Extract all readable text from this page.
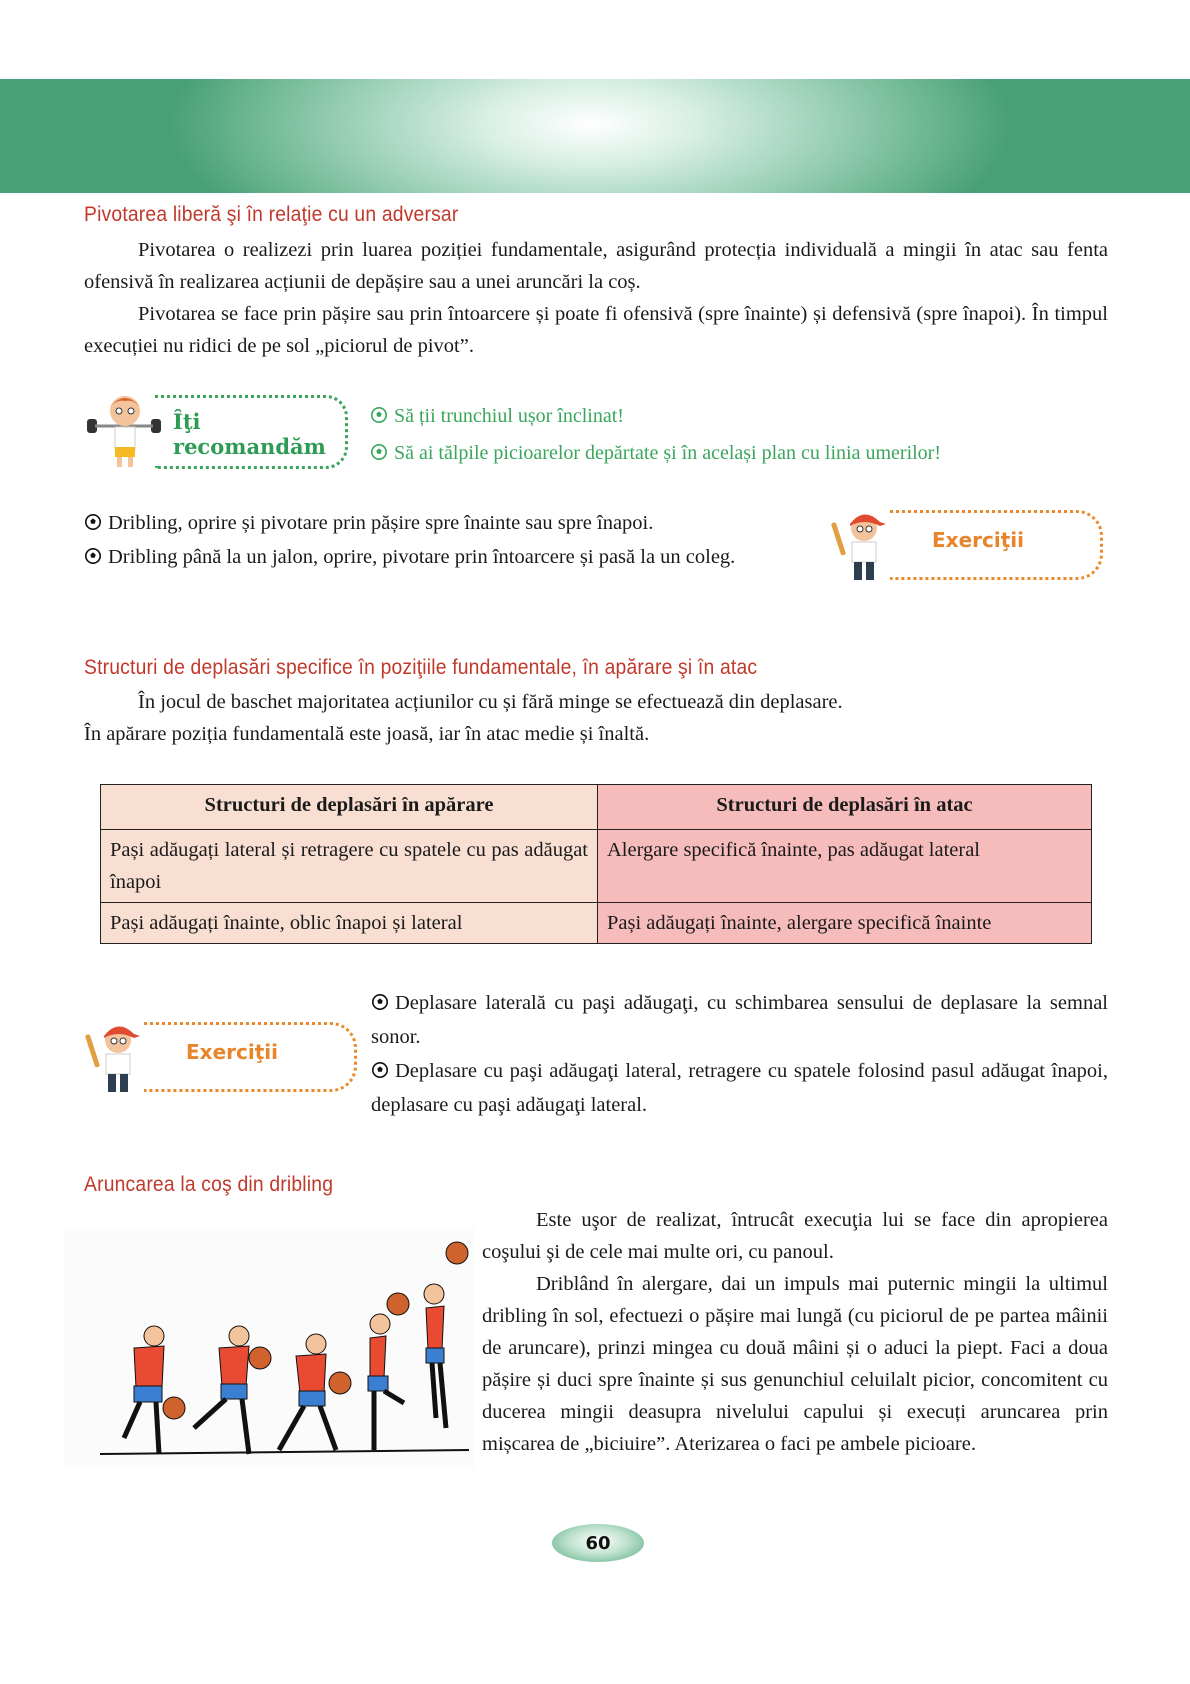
Pivotarea liberă şi în relaţie cu un adversar
Pivotarea o realizezi prin luarea poziției fundamentale, asigurând protecția individuală a mingii în atac sau fenta ofensivă în realizarea acțiunii de depășire sau a unei aruncări la coș.
Pivotarea se face prin pășire sau prin întoarcere și poate fi ofensivă (spre înainte) și defensivă (spre înapoi). În timpul execuției nu ridici de pe sol „piciorul de pivot”.
Îţi recomandăm
Să ții trunchiul ușor înclinat!
Să ai tălpile picioarelor depărtate și în același plan cu linia umerilor!
Dribling, oprire și pivotare prin pășire spre înainte sau spre înapoi.
Dribling până la un jalon, oprire, pivotare prin întoarcere și pasă la un coleg.
Exerciţii
Structuri de deplasări specifice în poziţiile fundamentale, în apărare şi în atac
În jocul de baschet majoritatea acțiunilor cu și fără minge se efectuează din deplasare.
În apărare poziția fundamentală este joasă, iar în atac medie și înaltă.
Structuri de deplasări în apărare	Structuri de deplasări în atac
Pași adăugați lateral și retragere cu spatele cu pas adăugat înapoi	Alergare specifică înainte, pas adăugat lateral
Pași adăugați înainte, oblic înapoi și lateral	Pași adăugați înainte, alergare specifică înainte
Exerciţii
Deplasare laterală cu paşi adăugaţi, cu schimbarea sensului de deplasare la semnal sonor.
Deplasare cu paşi adăugaţi lateral, retragere cu spatele folosind pasul adăugat înapoi, deplasare cu paşi adăugaţi lateral.
Aruncarea la coş din dribling
Este uşor de realizat, întrucât execuţia lui se face din apropierea coşului şi de cele mai multe ori, cu panoul.
Driblând în alergare, dai un impuls mai puternic mingii la ultimul dribling în sol, efectuezi o pășire mai lungă (cu piciorul de pe partea mâinii de aruncare), prinzi mingea cu două mâini și o aduci la piept. Faci a doua pășire și duci spre înainte și sus genunchiul celuilalt picior, concomitent cu ducerea mingii deasupra nivelului capului și execuți aruncarea prin mișcarea de „biciuire”. Aterizarea o faci pe ambele picioare.
60
